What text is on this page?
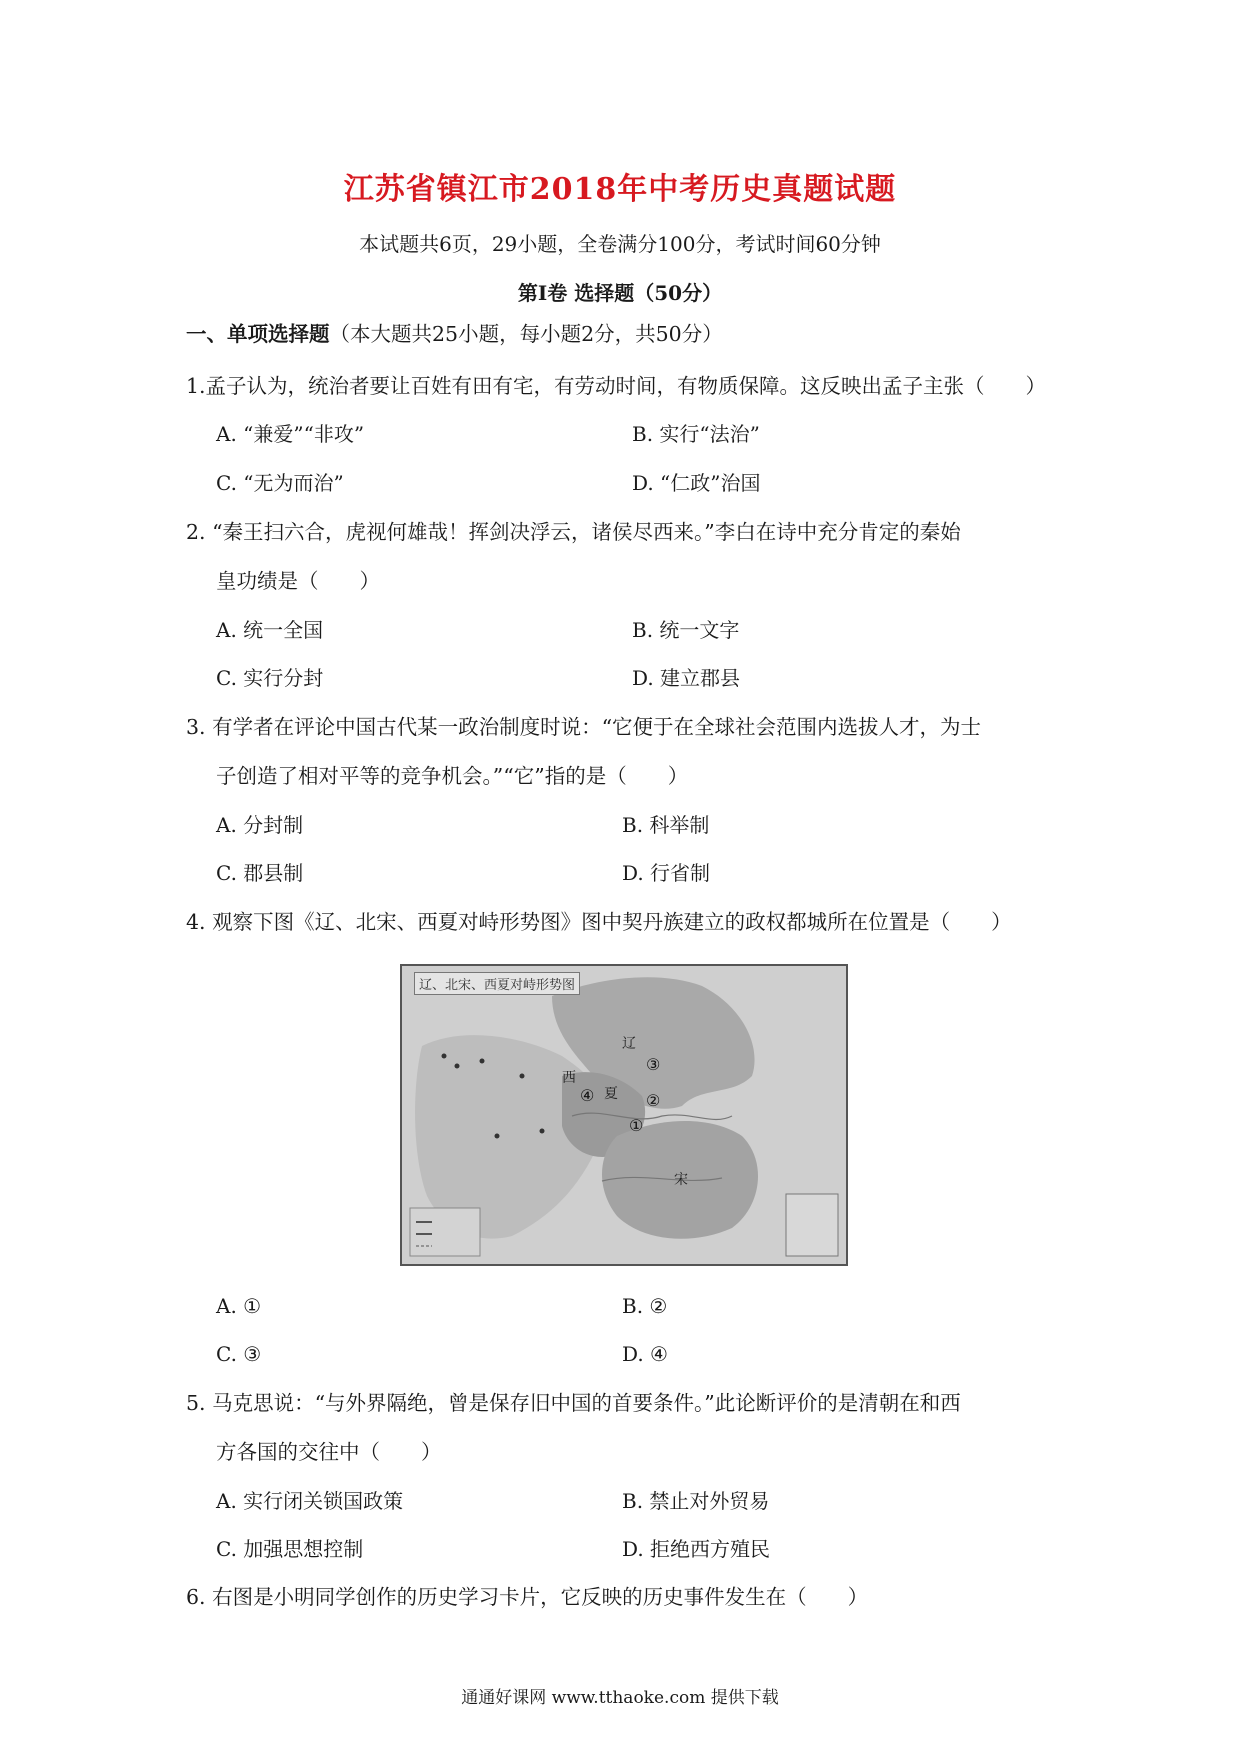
江苏省镇江市2018年中考历史真题试题
本试题共6页，29小题，全卷满分100分，考试时间60分钟
第Ⅰ卷 选择题（50分）
一、单项选择题（本大题共25小题，每小题2分，共50分）
1.孟子认为，统治者要让百姓有田有宅，有劳动时间，有物质保障。这反映出孟子主张（　　）
A. “兼爱”“非攻”	B. 实行“法治”
C. “无为而治”	D. “仁政”治国
2. “秦王扫六合，虎视何雄哉！挥剑决浮云，诸侯尽西来。”李白在诗中充分肯定的秦始
皇功绩是（　　）
A. 统一全国	B. 统一文字
C. 实行分封	D. 建立郡县
3. 有学者在评论中国古代某一政治制度时说：“它便于在全球社会范围内选拔人才，为士
子创造了相对平等的竞争机会。”“它”指的是（　　）
A. 分封制	B. 科举制
C. 郡县制	D. 行省制
4. 观察下图《辽、北宋、西夏对峙形势图》图中契丹族建立的政权都城所在位置是（　　）
③
②
①
④
辽
西
夏
宋
辽、北宋、西夏对峙形势图
A. ①	B. ②
C. ③	D. ④
5. 马克思说：“与外界隔绝，曾是保存旧中国的首要条件。”此论断评价的是清朝在和西
方各国的交往中（　　）
A. 实行闭关锁国政策	B. 禁止对外贸易
C. 加强思想控制	D. 拒绝西方殖民
6. 右图是小明同学创作的历史学习卡片，它反映的历史事件发生在（　　）
通通好课网 www.tthaoke.com 提供下载
